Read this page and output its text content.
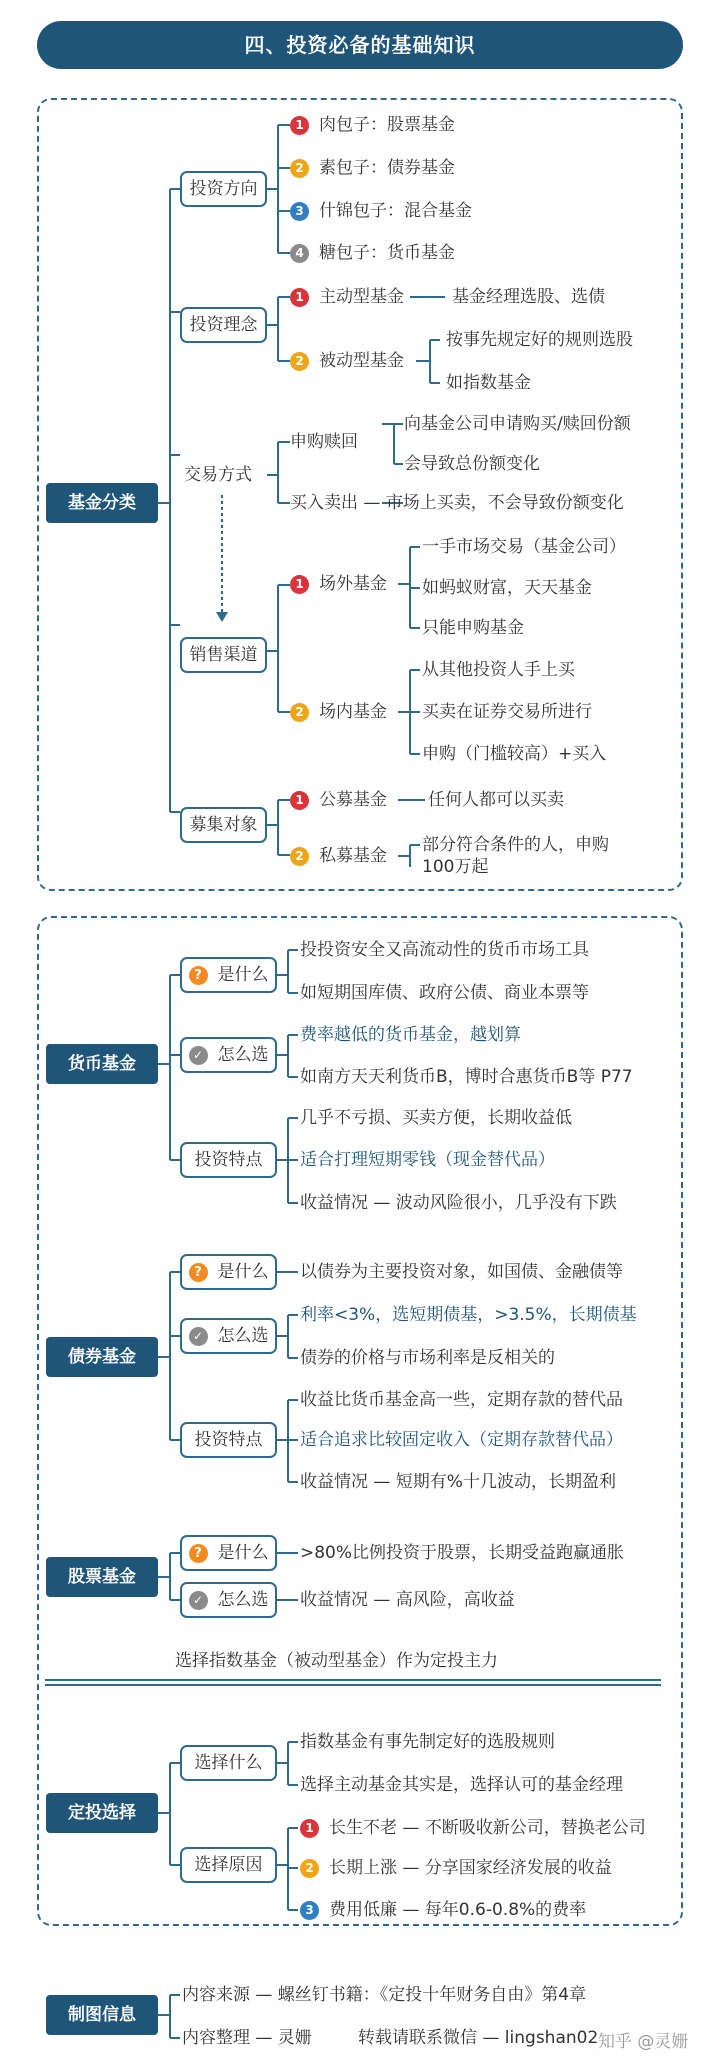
四、投资必备的基础知识
基金分类
投资方向
1 肉包子：股票基金
2 素包子：债券基金
3 什锦包子：混合基金
4 糖包子：货币基金
投资理念
1 主动型基金	基金经理选股、选债
2 被动型基金
按事先规定好的规则选股
如指数基金
交易方式
申购赎回
向基金公司申请购买/赎回份额
会导致总份额变化
买入卖出 — 市场上买卖，不会导致份额变化
销售渠道
1 场外基金
一手市场交易（基金公司）
如蚂蚁财富，天天基金
只能申购基金
2 场内基金
从其他投资人手上买
买卖在证券交易所进行
申购（门槛较高）+买入
募集对象
1 公募基金 任何人都可以买卖
2 私募基金
部分符合条件的人，申购
100万起
货币基金
? 是什么
投投资安全又高流动性的货币市场工具
如短期国库债、政府公债、商业本票等
✓ 怎么选
费率越低的货币基金，越划算
如南方天天利货币B，博时合惠货币B等 P77
投资特点
几乎不亏损、买卖方便，长期收益低
适合打理短期零钱（现金替代品）
收益情况 — 波动风险很小，几乎没有下跌
债券基金
? 是什么	以债券为主要投资对象，如国债、金融债等
✓ 怎么选
利率<3%，选短期债基，>3.5%，长期债基
债券的价格与市场利率是反相关的
投资特点
收益比货币基金高一些，定期存款的替代品
适合追求比较固定收入（定期存款替代品）
收益情况 — 短期有%十几波动，长期盈利
股票基金
? 是什么	>80%比例投资于股票，长期受益跑赢通胀
✓ 怎么选	收益情况 — 高风险，高收益
选择指数基金（被动型基金）作为定投主力
定投选择
选择什么
指数基金有事先制定好的选股规则
选择主动基金其实是，选择认可的基金经理
选择原因
1 长生不老 — 不断吸收新公司，替换老公司
2 长期上涨 — 分享国家经济发展的收益
3 费用低廉 — 每年0.6-0.8%的费率
制图信息
内容来源 — 螺丝钉书籍：《定投十年财务自由》第4章
内容整理 — 灵姗	转载请联系微信 — lingshan02 知乎 @灵姗
